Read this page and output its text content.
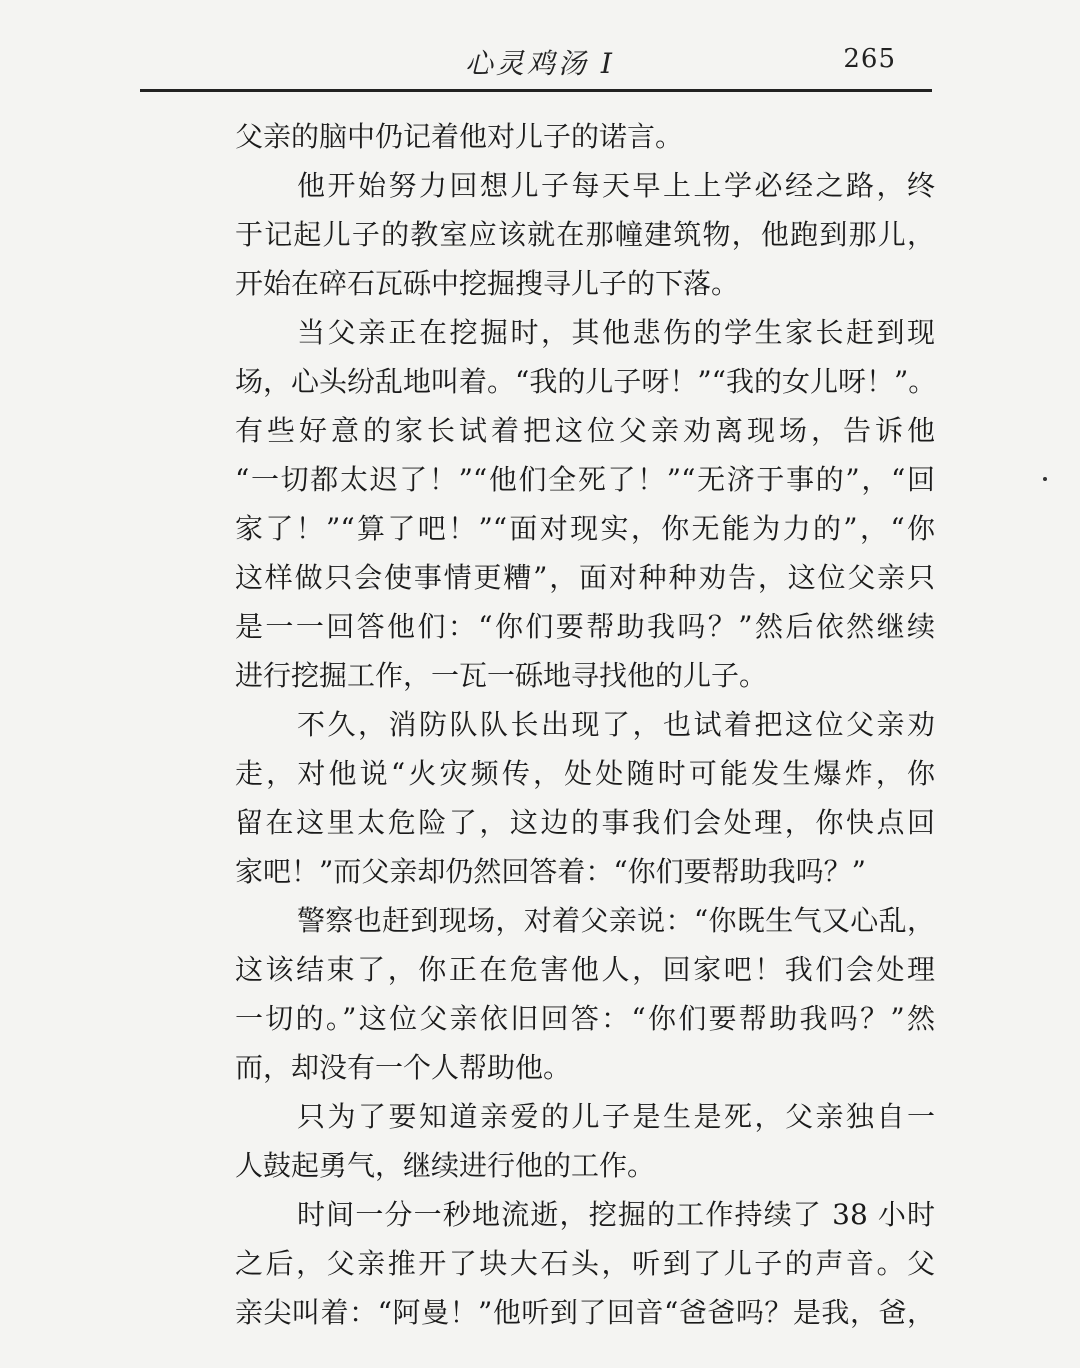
心灵鸡汤 I	265
父亲的脑中仍记着他对儿子的诺言。
他开始努力回想儿子每天早上上学必经之路，终
于记起儿子的教室应该就在那幢建筑物，他跑到那儿，
开始在碎石瓦砾中挖掘搜寻儿子的下落。
当父亲正在挖掘时，其他悲伤的学生家长赶到现
场，心头纷乱地叫着。“我的儿子呀！”“我的女儿呀！”。
有些好意的家长试着把这位父亲劝离现场，告诉他
“一切都太迟了！”“他们全死了！”“无济于事的”，“回
家了！”“算了吧！”“面对现实，你无能为力的”，“你
这样做只会使事情更糟”，面对种种劝告，这位父亲只
是一一回答他们：“你们要帮助我吗？”然后依然继续
进行挖掘工作，一瓦一砾地寻找他的儿子。
不久，消防队队长出现了，也试着把这位父亲劝
走，对他说“火灾频传，处处随时可能发生爆炸，你
留在这里太危险了，这边的事我们会处理，你快点回
家吧！”而父亲却仍然回答着：“你们要帮助我吗？”
警察也赶到现场，对着父亲说：“你既生气又心乱，
这该结束了，你正在危害他人，回家吧！我们会处理
一切的。”这位父亲依旧回答：“你们要帮助我吗？”然
而，却没有一个人帮助他。
只为了要知道亲爱的儿子是生是死，父亲独自一
人鼓起勇气，继续进行他的工作。
时间一分一秒地流逝，挖掘的工作持续了 38 小时
之后，父亲推开了块大石头，听到了儿子的声音。父
亲尖叫着：“阿曼！”他听到了回音“爸爸吗？是我，爸，
